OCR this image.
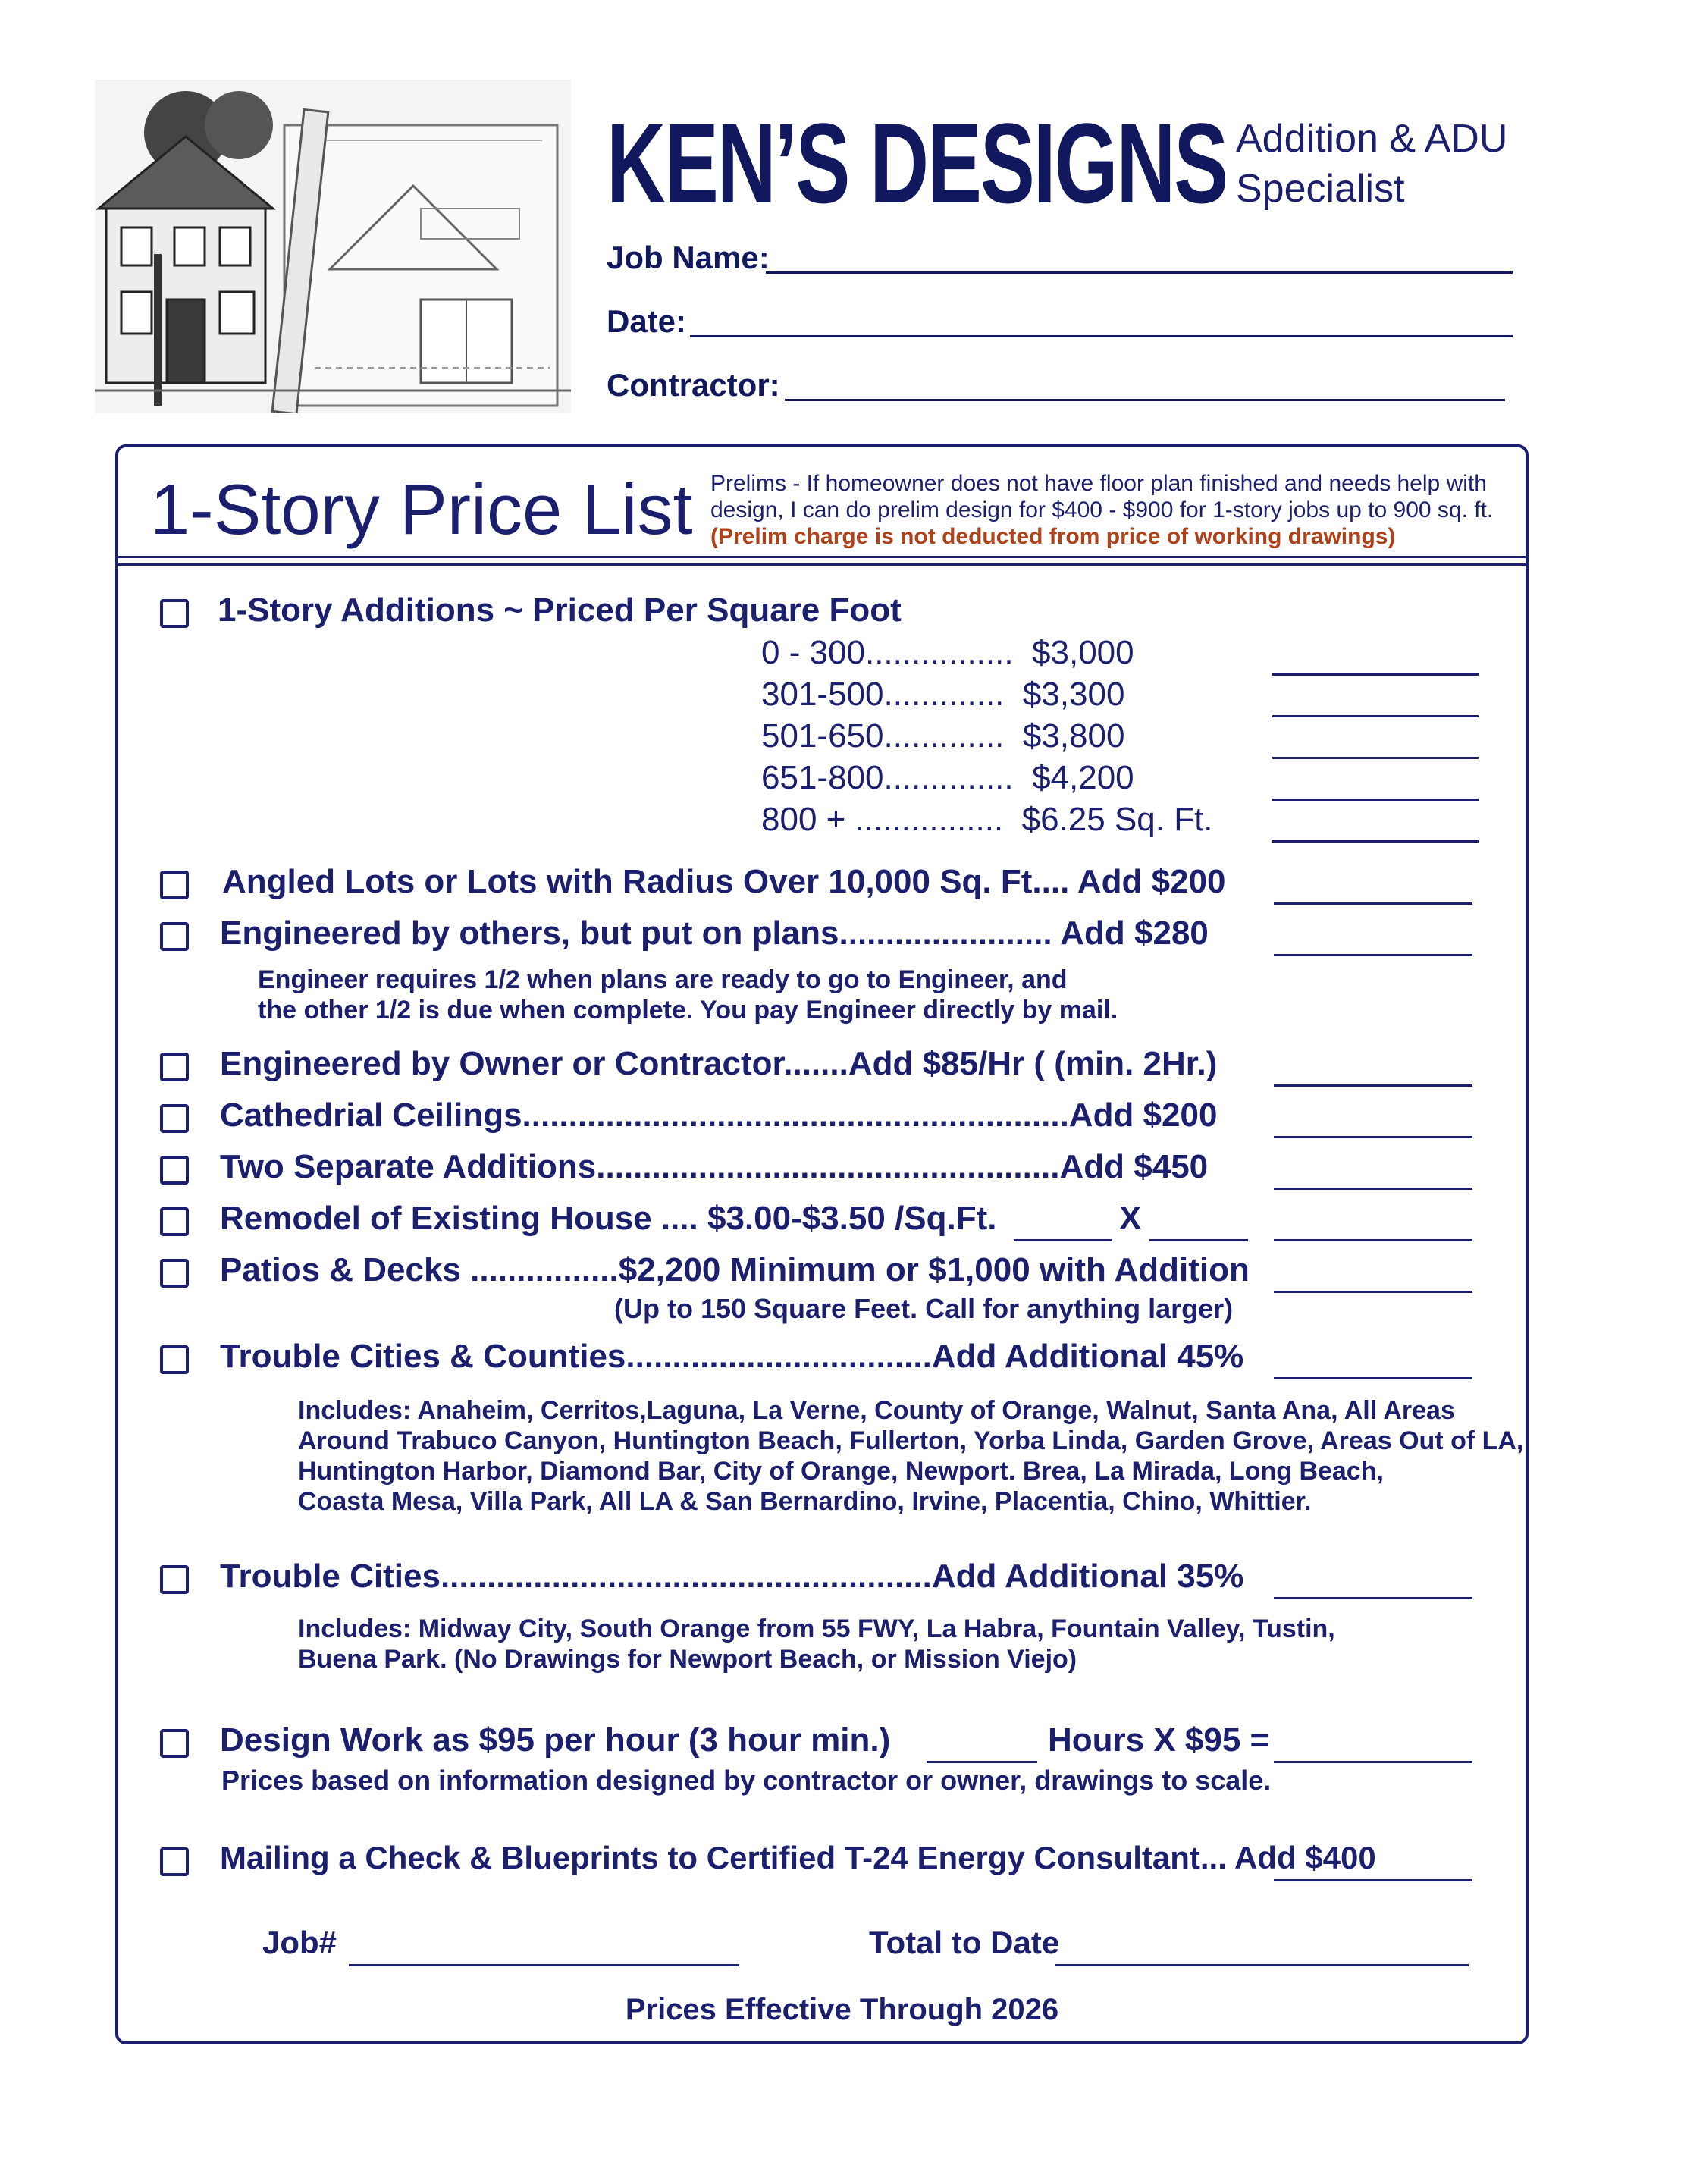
KEN’S DESIGNS Addition & ADU
Specialist
Job Name:
Date:
Contractor:
1-Story Price List Prelims - If homeowner does not have floor plan finished and needs help with design, I can do prelim design for $400 - $900 for 1-story jobs up to 900 sq. ft.
(Prelim charge is not deducted from price of working drawings)
1-Story Additions ~ Priced Per Square Foot
0 - 300................ $3,000
301-500............. $3,300
501-650............. $3,800
651-800.............. $4,200
800 + ................ $6.25 Sq. Ft.
Angled Lots or Lots with Radius Over 10,000 Sq. Ft.... Add $200
Engineered by others, but put on plans....................... Add $280
Engineer requires 1/2 when plans are ready to go to Engineer, and
the other 1/2 is due when complete. You pay Engineer directly by mail.
Engineered by Owner or Contractor.......Add $85/Hr ( (min. 2Hr.)
Cathedrial Ceilings...........................................................Add $200
Two Separate Additions..................................................Add $450
Remodel of Existing House .... $3.00-$3.50 /Sq.Ft.	X
Patios & Decks ................$2,200 Minimum or $1,000 with Addition
(Up to 150 Square Feet. Call for anything larger)
Trouble Cities & Counties.................................Add Additional 45%
Includes: Anaheim, Cerritos,Laguna, La Verne, County of Orange, Walnut, Santa Ana, All Areas
Around Trabuco Canyon, Huntington Beach, Fullerton, Yorba Linda, Garden Grove, Areas Out of LA,
Huntington Harbor, Diamond Bar, City of Orange, Newport. Brea, La Mirada, Long Beach,
Coasta Mesa, Villa Park, All LA & San Bernardino, Irvine, Placentia, Chino, Whittier.
Trouble Cities.....................................................Add Additional 35%
Includes: Midway City, South Orange from 55 FWY, La Habra, Fountain Valley, Tustin,
Buena Park. (No Drawings for Newport Beach, or Mission Viejo)
Design Work as $95 per hour (3 hour min.)	Hours X $95 =
Prices based on information designed by contractor or owner, drawings to scale.
Mailing a Check & Blueprints to Certified T-24 Energy Consultant... Add $400
Job#	Total to Date
Prices Effective Through 2026
